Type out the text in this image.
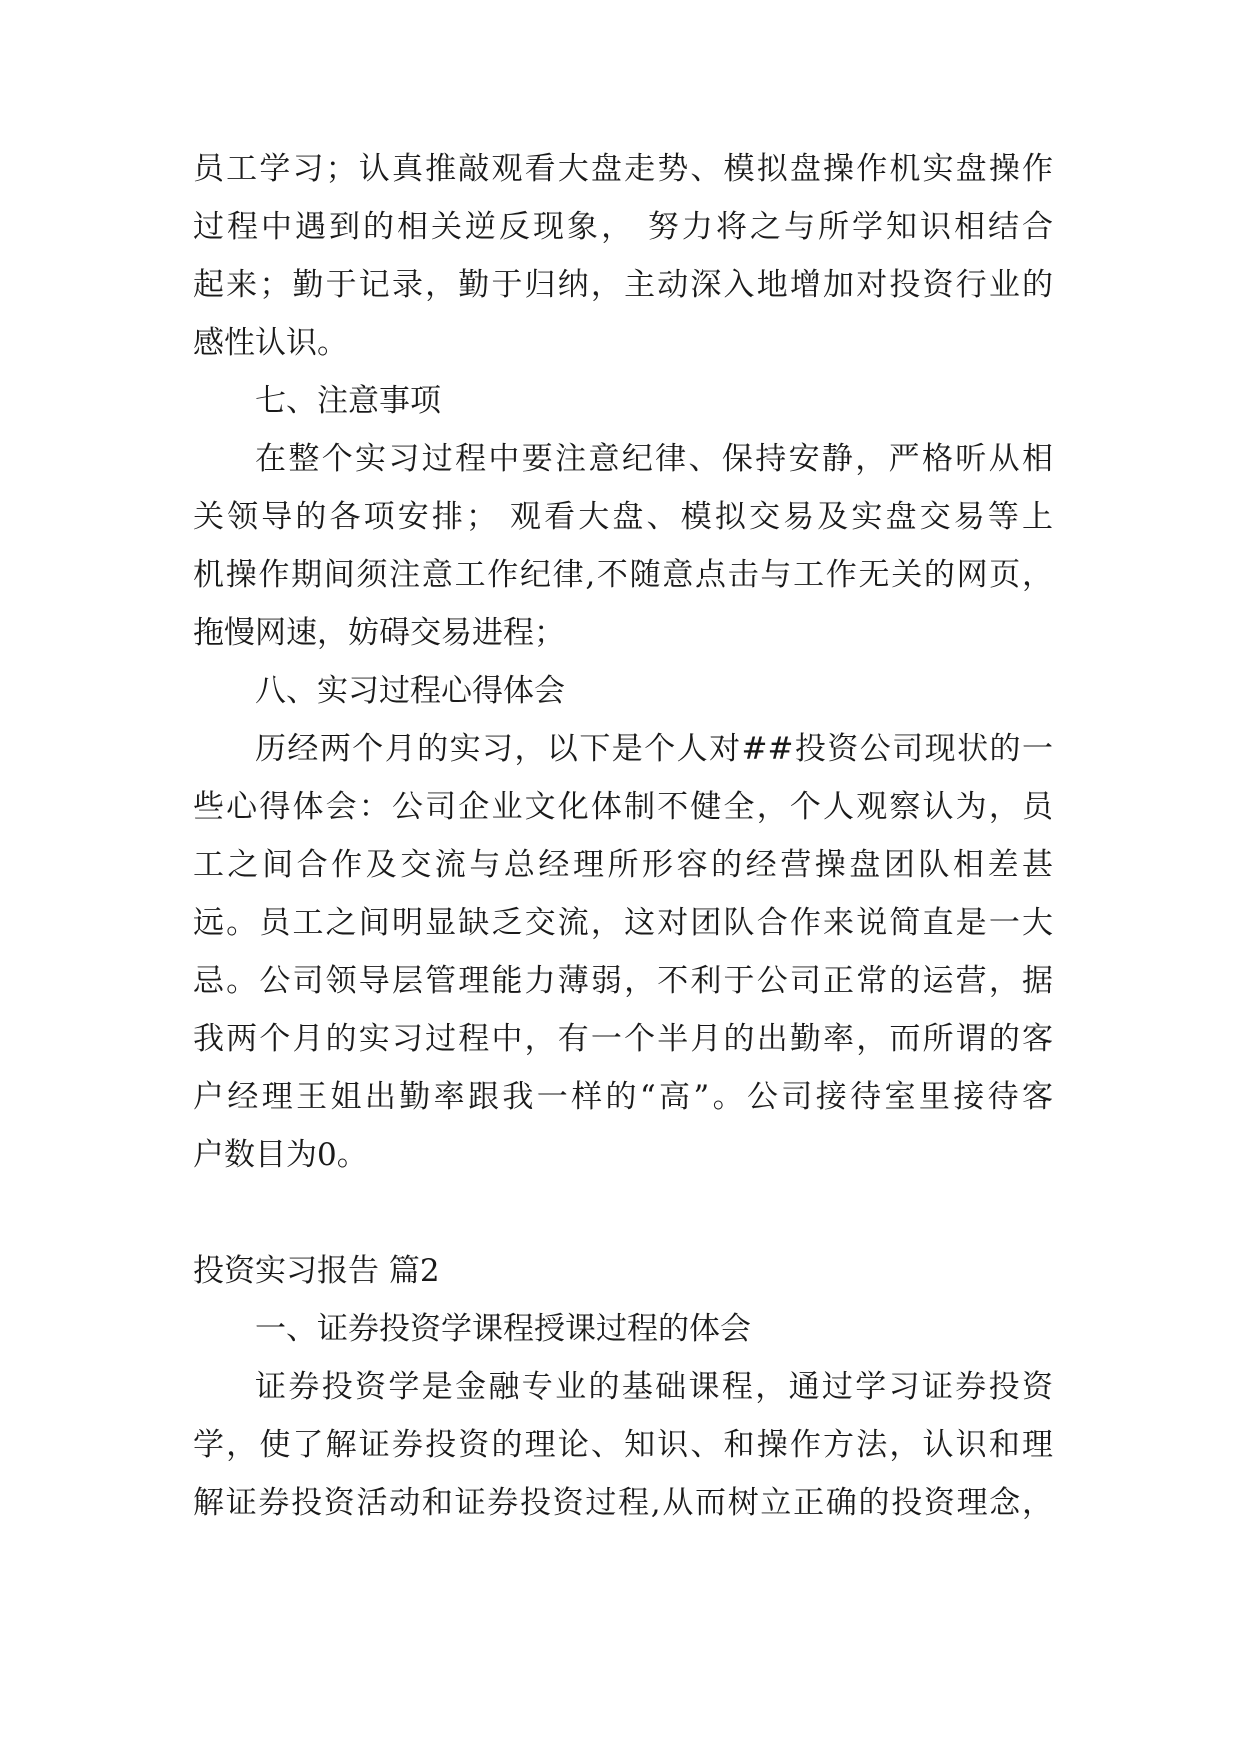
员工学习；认真推敲观看大盘走势、模拟盘操作机实盘操作

过程中遇到的相关逆反现象， 努力将之与所学知识相结合

起来；勤于记录，勤于归纳，主动深入地增加对投资行业的

感性认识。

七、注意事项

在整个实习过程中要注意纪律、保持安静，严格听从相

关领导的各项安排； 观看大盘、模拟交易及实盘交易等上

机操作期间须注意工作纪律,不随意点击与工作无关的网页，

拖慢网速，妨碍交易进程；

八、实习过程心得体会

历经两个月的实习，以下是个人对##投资公司现状的一

些心得体会：公司企业文化体制不健全，个人观察认为，员

工之间合作及交流与总经理所形容的经营操盘团队相差甚

远。员工之间明显缺乏交流，这对团队合作来说简直是一大

忌。公司领导层管理能力薄弱，不利于公司正常的运营，据

我两个月的实习过程中，有一个半月的出勤率，而所谓的客

户经理王姐出勤率跟我一样的“高”。公司接待室里接待客

户数目为0。

投资实习报告 篇2

一、证券投资学课程授课过程的体会

证券投资学是金融专业的基础课程，通过学习证券投资

学，使了解证券投资的理论、知识、和操作方法，认识和理

解证券投资活动和证券投资过程,从而树立正确的投资理念，
